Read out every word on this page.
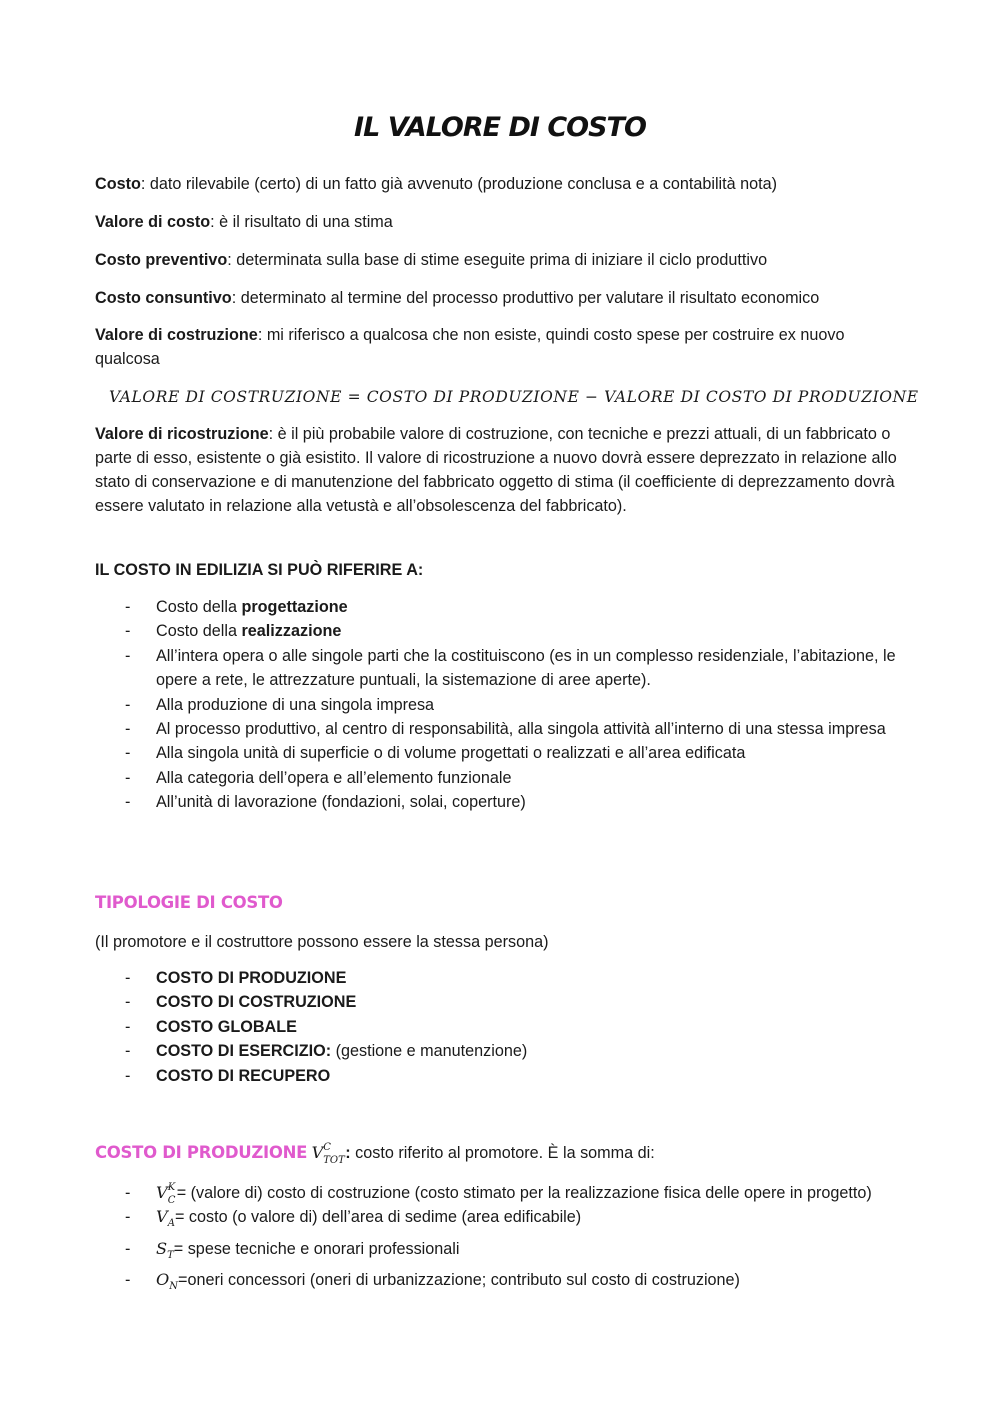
IL VALORE DI COSTO
Costo: dato rilevabile (certo) di un fatto già avvenuto (produzione conclusa e a contabilità nota)
Valore di costo: è il risultato di una stima
Costo preventivo: determinata sulla base di stime eseguite prima di iniziare il ciclo produttivo
Costo consuntivo: determinato al termine del processo produttivo per valutare il risultato economico
Valore di costruzione: mi riferisco a qualcosa che non esiste, quindi costo spese per costruire ex nuovo qualcosa
VALORE DI COSTRUZIONE = COSTO DI PRODUZIONE − VALORE DI COSTO DI PRODUZIONE
Valore di ricostruzione: è il più probabile valore di costruzione, con tecniche e prezzi attuali, di un fabbricato o parte di esso, esistente o già esistito. Il valore di ricostruzione a nuovo dovrà essere deprezzato in relazione allo stato di conservazione e di manutenzione del fabbricato oggetto di stima (il coefficiente di deprezzamento dovrà essere valutato in relazione alla vetustà e all’obsolescenza del fabbricato).
IL COSTO IN EDILIZIA SI PUÒ RIFERIRE A:
- Costo della progettazione
- Costo della realizzazione
- All’intera opera o alle singole parti che la costituiscono (es in un complesso residenziale, l’abitazione, le opere a rete, le attrezzature puntuali, la sistemazione di aree aperte).
- Alla produzione di una singola impresa
- Al processo produttivo, al centro di responsabilità, alla singola attività all’interno di una stessa impresa
- Alla singola unità di superficie o di volume progettati o realizzati e all’area edificata
- Alla categoria dell’opera e all’elemento funzionale
- All’unità di lavorazione (fondazioni, solai, coperture)
TIPOLOGIE DI COSTO
(Il promotore e il costruttore possono essere la stessa persona)
- COSTO DI PRODUZIONE
- COSTO DI COSTRUZIONE
- COSTO GLOBALE
- COSTO DI ESERCIZIO: (gestione e manutenzione)
- COSTO DI RECUPERO
COSTO DI PRODUZIONE V C
TOT : costo riferito al promotore. È la somma di:
- V K
C = (valore di) costo di costruzione (costo stimato per la realizzazione fisica delle opere in progetto)
- $V_A=$ costo (o valore di) dell’area di sedime (area edificabile)
- $S_T=$ spese tecniche e onorari professionali
- $O_N=oneri$ concessori (oneri di urbanizzazione; contributo sul costo di costruzione)
